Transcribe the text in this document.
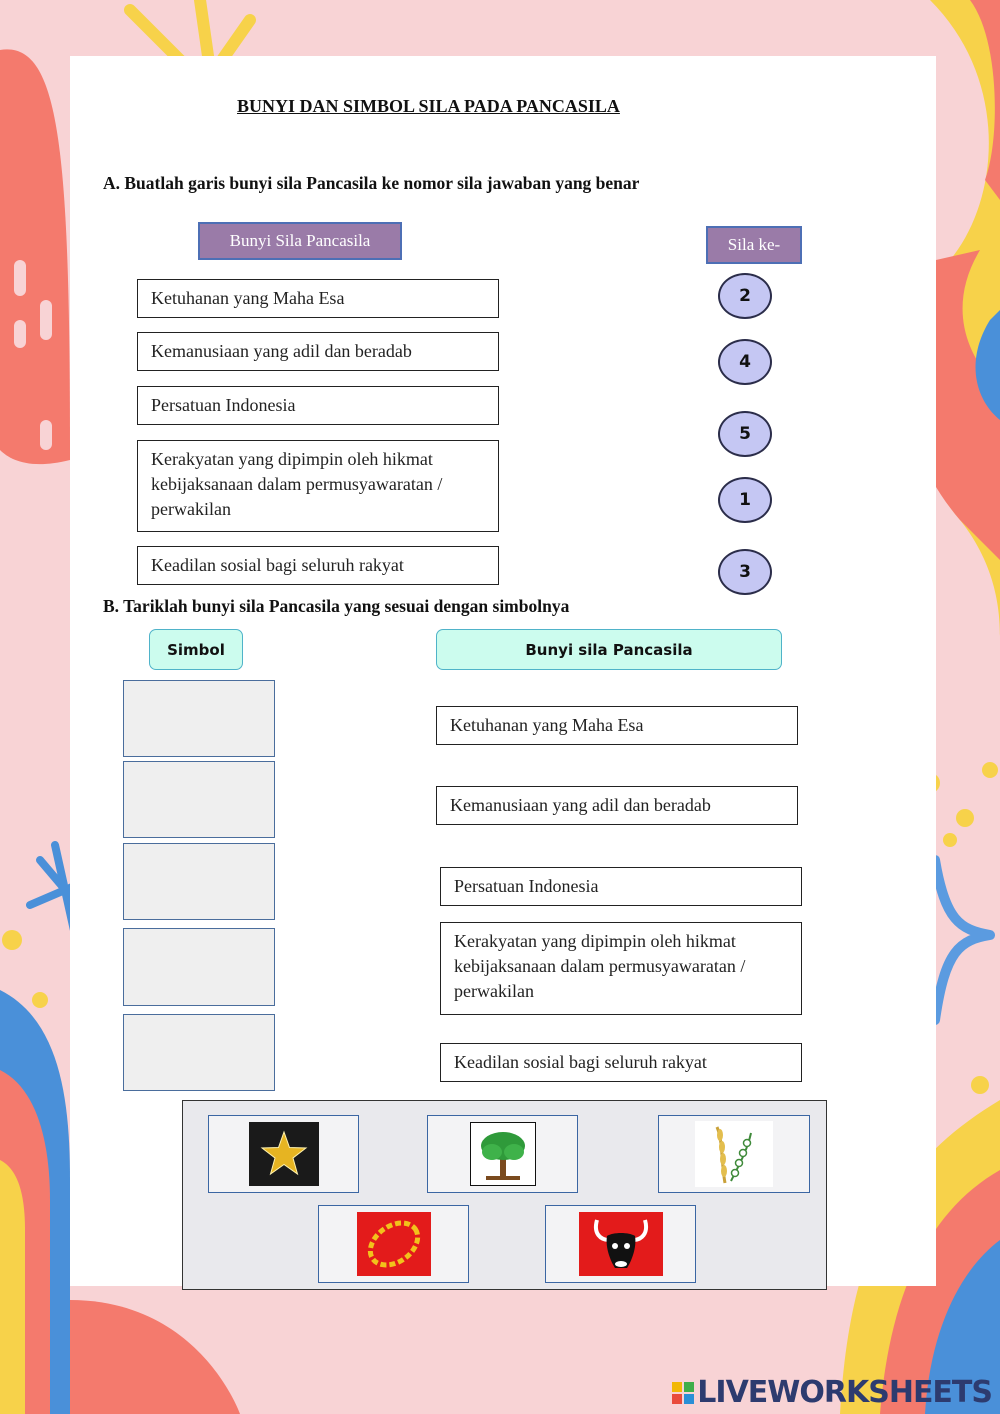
BUNYI DAN SIMBOL SILA PADA PANCASILA
A. Buatlah garis bunyi sila Pancasila ke nomor sila jawaban yang benar
Bunyi Sila Pancasila	Sila ke-
Ketuhanan yang Maha Esa
Kemanusiaan yang adil dan beradab
Persatuan Indonesia
Kerakyatan yang dipimpin oleh hikmat kebijaksanaan dalam permusyawaratan / perwakilan
Keadilan sosial bagi seluruh rakyat
2
4
5
1
3
B. Tariklah bunyi sila Pancasila yang sesuai dengan simbolnya
Simbol	Bunyi sila Pancasila
Ketuhanan yang Maha Esa
Kemanusiaan yang adil dan beradab
Persatuan Indonesia
Kerakyatan yang dipimpin oleh hikmat kebijaksanaan dalam permusyawaratan / perwakilan
Keadilan sosial bagi seluruh rakyat
LIVEWORKSHEETS
